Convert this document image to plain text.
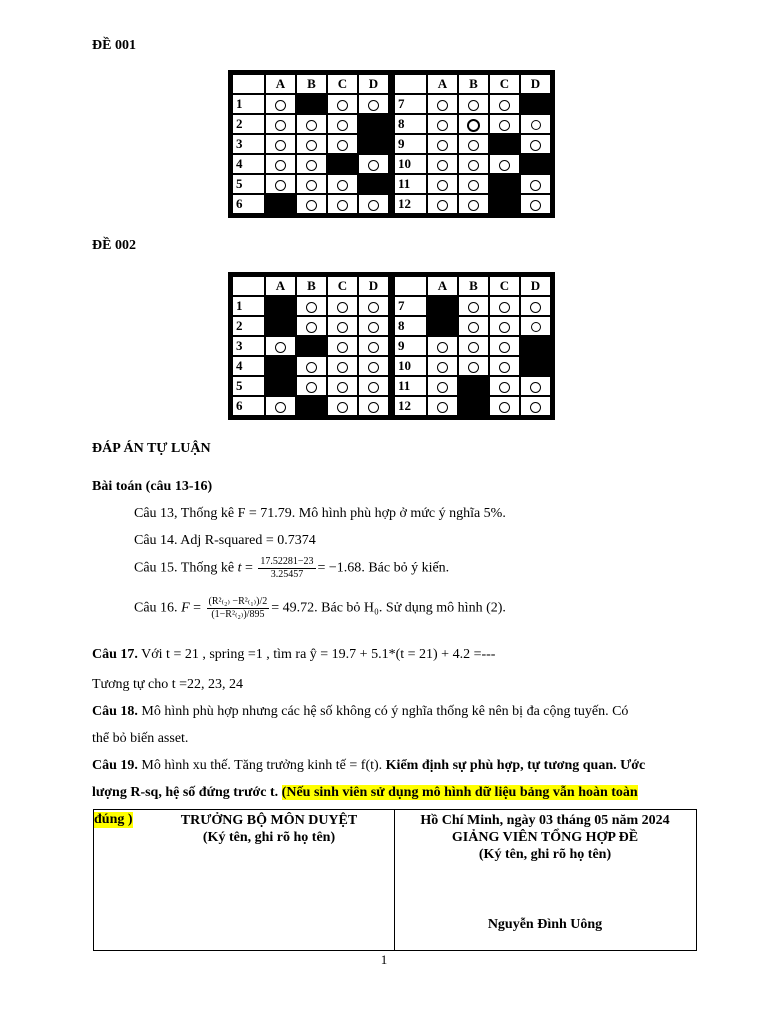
ĐỀ 001
	A	B	C	D			A	B	C	D
1						7				
2						8				
3						9				
4						10				
5						11				
6						12				
ĐỀ 002
	A	B	C	D			A	B	C	D
1						7				
2						8				
3						9				
4						10				
5						11				
6						12				
ĐÁP ÁN TỰ LUẬN
Bài toán (câu 13-16)
Câu 13, Thống kê F = 71.79. Mô hình phù hợp ở mức ý nghĩa 5%.
Câu 14. Adj R-squared = 0.7374
Câu 15. Thống kê $t = \frac{17.52281-23}{3.25457} = -1.68$. Bác bỏ ý kiến.
Câu 16. $F = \frac{\text{(R²₍₂₎ −R²₍₁₎)/2}}{\text{(1−R²₍₂₎)/895}} = 49.72$. Bác bỏ H₀. Sử dụng mô hình (2).
Câu 17. Với t = 21 , spring =1 , tìm ra ŷ = 19.7 + 5.1*(t = 21) + 4.2 =---
Tương tự cho t =22, 23, 24
Câu 18. Mô hình phù hợp nhưng các hệ số không có ý nghĩa thống kê nên bị đa cộng tuyến. Có
thể bỏ biến asset.
Câu 19. Mô hình xu thế. Tăng trưởng kinh tế = f(t). Kiểm định sự phù hợp, tự tương quan. Ước
lượng R-sq, hệ số đứng trước t. (Nếu sinh viên sử dụng mô hình dữ liệu bảng vẫn hoàn toàn
đúng )	TRƯỞNG BỘ MÔN DUYỆT
(Ký tên, ghi rõ họ tên)
Hồ Chí Minh, ngày 03 tháng 05 năm 2024
GIẢNG VIÊN TỔNG HỢP ĐỀ
(Ký tên, ghi rõ họ tên)
Nguyễn Đình Uông
1
